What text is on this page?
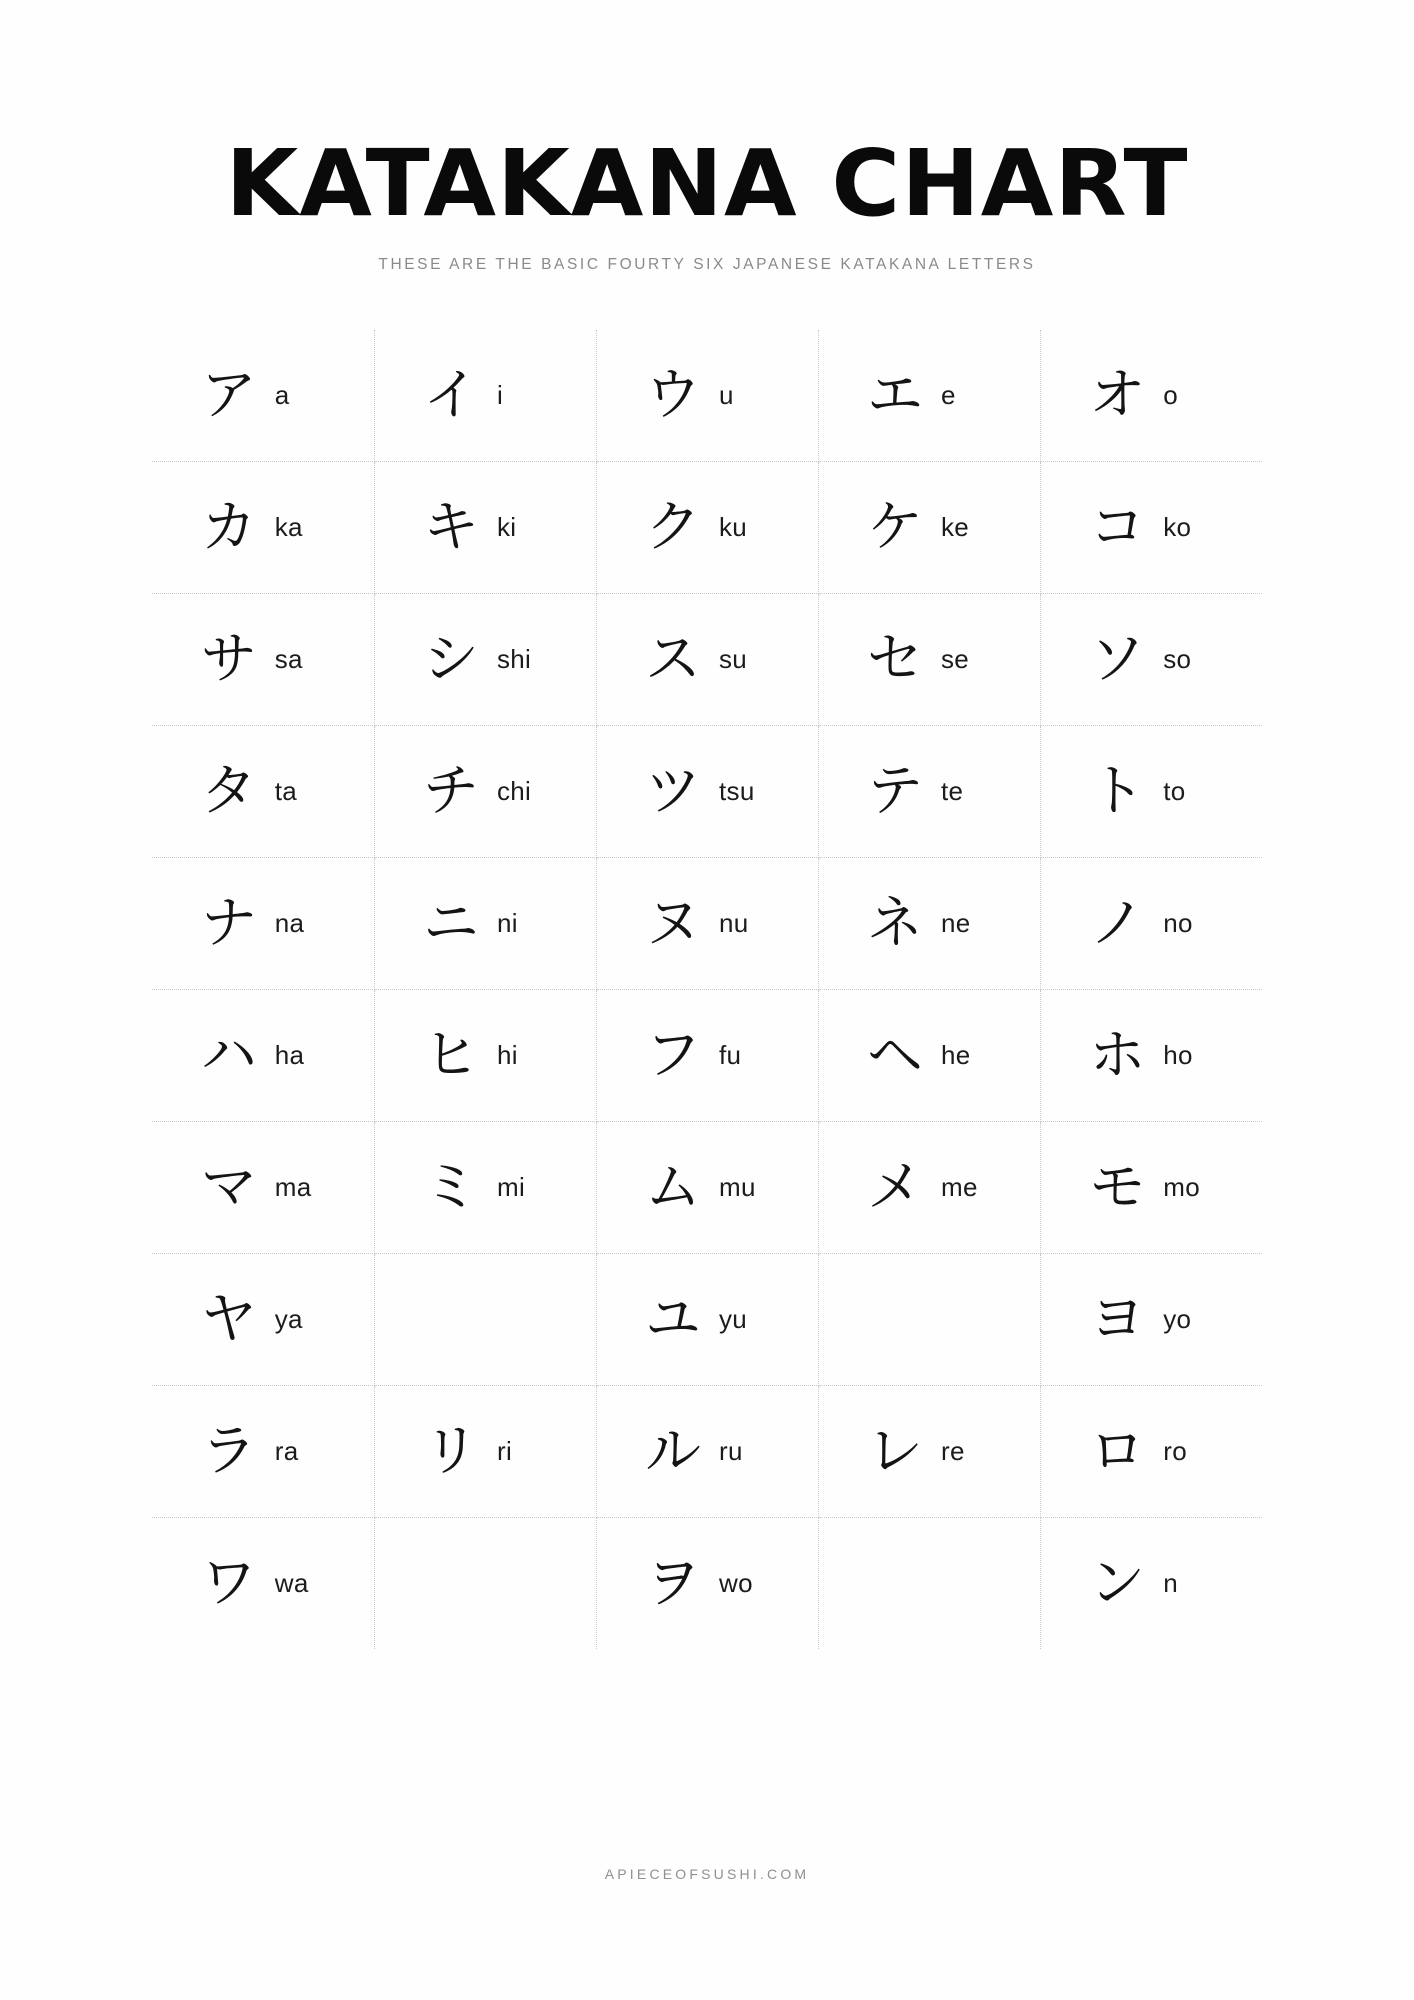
KATAKANA CHART
THESE ARE THE BASIC FOURTY SIX JAPANESE KATAKANA LETTERS
ア a	イ i	ウ u	エ e	オ o

カ ka	キ ki	ク ku	ケ ke	コ ko

サ sa	シ shi	ス su	セ se	ソ so

タ ta	チ chi	ツ tsu	テ te	ト to

ナ na	ニ ni	ヌ nu	ネ ne	ノ no

ハ ha	ヒ hi	フ fu	ヘ he	ホ ho

マ ma	ミ mi	ム mu	メ me	モ mo

ヤ ya		ユ yu		ヨ yo

ラ ra	リ ri	ル ru	レ re	ロ ro

ワ wa		ヲ wo		ン n
APIECEOFSUSHI.COM
